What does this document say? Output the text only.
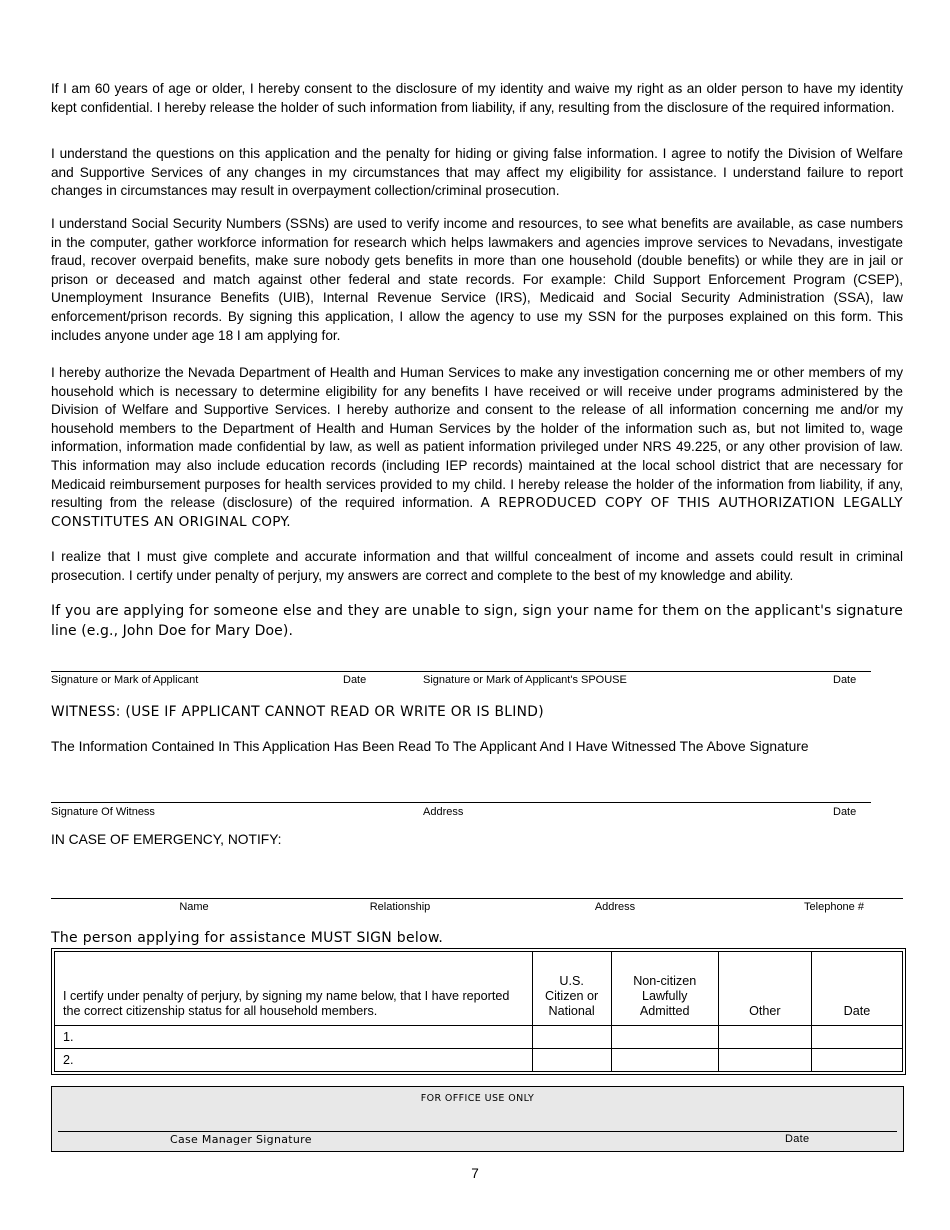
If I am 60 years of age or older, I hereby consent to the disclosure of my identity and waive my right as an older person to have my identity kept confidential. I hereby release the holder of such information from liability, if any, resulting from the disclosure of the required information.

I understand the questions on this application and the penalty for hiding or giving false information. I agree to notify the Division of Welfare and Supportive Services of any changes in my circumstances that may affect my eligibility for assistance. I understand failure to report changes in circumstances may result in overpayment collection/criminal prosecution.

I understand Social Security Numbers (SSNs) are used to verify income and resources, to see what benefits are available, as case numbers in the computer, gather workforce information for research which helps lawmakers and agencies improve services to Nevadans, investigate fraud, recover overpaid benefits, make sure nobody gets benefits in more than one household (double benefits) or while they are in jail or prison or deceased and match against other federal and state records. For example: Child Support Enforcement Program (CSEP), Unemployment Insurance Benefits (UIB), Internal Revenue Service (IRS), Medicaid and Social Security Administration (SSA), law enforcement/prison records. By signing this application, I allow the agency to use my SSN for the purposes explained on this form. This includes anyone under age 18 I am applying for.

I hereby authorize the Nevada Department of Health and Human Services to make any investigation concerning me or other members of my household which is necessary to determine eligibility for any benefits I have received or will receive under programs administered by the Division of Welfare and Supportive Services. I hereby authorize and consent to the release of all information concerning me and/or my household members to the Department of Health and Human Services by the holder of the information such as, but not limited to, wage information, information made confidential by law, as well as patient information privileged under NRS 49.225, or any other provision of law. This information may also include education records (including IEP records) maintained at the local school district that are necessary for Medicaid reimbursement purposes for health services provided to my child. I hereby release the holder of the information from liability, if any, resulting from the release (disclosure) of the required information. A REPRODUCED COPY OF THIS AUTHORIZATION LEGALLY CONSTITUTES AN ORIGINAL COPY.

I realize that I must give complete and accurate information and that willful concealment of income and assets could result in criminal prosecution. I certify under penalty of perjury, my answers are correct and complete to the best of my knowledge and ability.

If you are applying for someone else and they are unable to sign, sign your name for them on the applicant's signature line (e.g., John Doe for Mary Doe).

Signature or Mark of Applicant	Date	Signature or Mark of Applicant's SPOUSE	Date
WITNESS: (USE IF APPLICANT CANNOT READ OR WRITE OR IS BLIND)
The Information Contained In This Application Has Been Read To The Applicant And I Have Witnessed The Above Signature
Signature Of Witness	Address	Date
IN CASE OF EMERGENCY, NOTIFY:
Name	Relationship	Address	Telephone #
The person applying for assistance MUST SIGN below.
I certify under penalty of perjury, by signing my name below, that I have reported the correct citizenship status for all household members.	U.S. Citizen or National	Non-citizen Lawfully Admitted	Other	Date
1.				
2.				
FOR OFFICE USE ONLY
Case Manager Signature	Date
7
